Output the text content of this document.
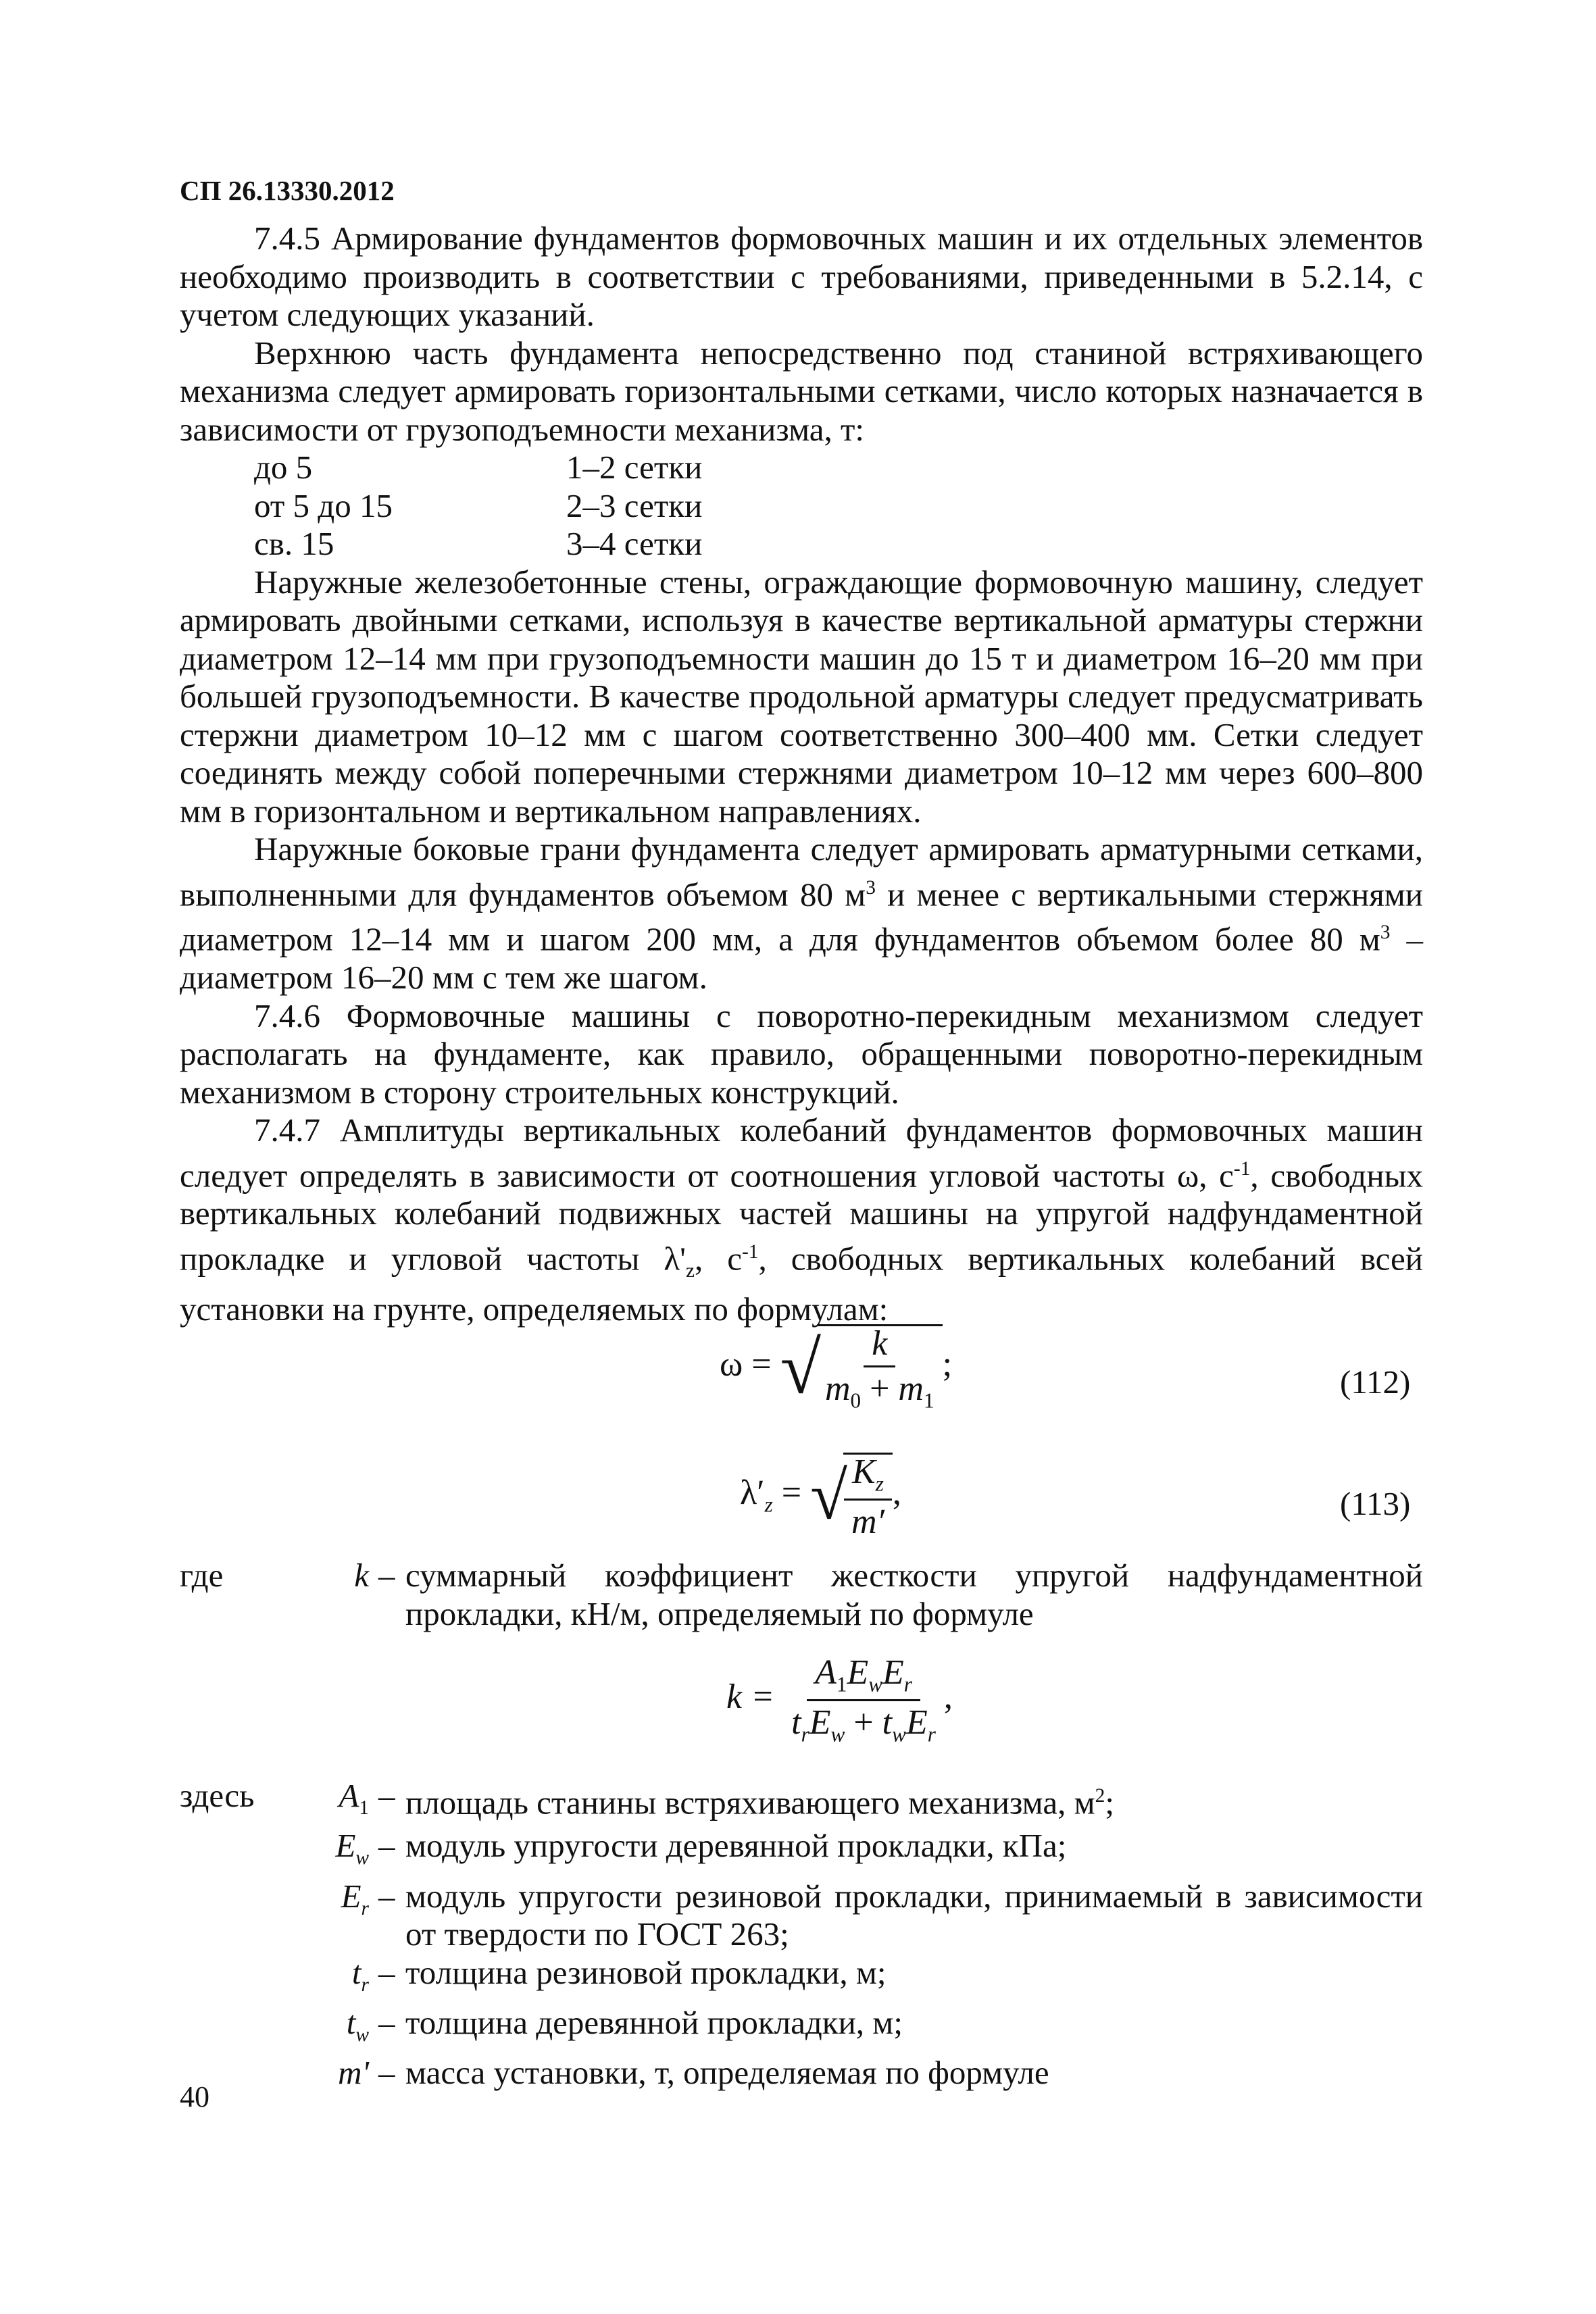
СП 26.13330.2012

7.4.5 Армирование фундаментов формовочных машин и их отдельных элементов необходимо производить в соответствии с требованиями, приведенными в 5.2.14, с учетом следующих указаний.

Верхнюю часть фундамента непосредственно под станиной встряхивающего механизма следует армировать горизонтальными сетками, число которых назначается в зависимости от грузоподъемности механизма, т:

до 5	1–2 сетки
от 5 до 15	2–3 сетки
св. 15	3–4 сетки

Наружные железобетонные стены, ограждающие формовочную машину, следует армировать двойными сетками, используя в качестве вертикальной арматуры стержни диаметром 12–14 мм при грузоподъемности машин до 15 т и диаметром 16–20 мм при большей грузоподъемности. В качестве продольной арматуры следует предусматривать стержни диаметром 10–12 мм с шагом соответственно 300–400 мм. Сетки следует соединять между собой поперечными стержнями диаметром 10–12 мм через 600–800 мм в горизонтальном и вертикальном направлениях.

Наружные боковые грани фундамента следует армировать арматурными сетками, выполненными для фундаментов объемом 80 $м^3$ и менее с вертикальными стержнями диаметром 12–14 мм и шагом 200 мм, а для фундаментов объемом более 80 $м^3$ – диаметром 16–20 мм с тем же шагом.

7.4.6 Формовочные машины с поворотно-перекидным механизмом следует располагать на фундаменте, как правило, обращенными поворотно-перекидным механизмом в сторону строительных конструкций.

7.4.7 Амплитуды вертикальных колебаний фундаментов формовочных машин следует определять в зависимости от соотношения угловой частоты ω, $с^{-1}$, свободных вертикальных колебаний подвижных частей машины на упругой надфундаментной прокладке и угловой частоты $\lambda'_z$, $с^{-1}$, свободных вертикальных колебаний всей установки на грунте, определяемых по формулам:

ω = √
$\frac{k}{m_0 + m_1}$ ;	(112)
$\lambda'_z$ = √
$\frac{K_z}{m'}$ ,	(113)
где	k – суммарный коэффициент жесткости упругой надфундаментной прокладки, кН/м, определяемый по формуле
$k = \frac{A_1E_wE_r}{t_rE_w + t_wE_r}$ ,
здесь	$A_1$ – площадь станины встряхивающего механизма, $м^2$;
$E_w$ – модуль упругости деревянной прокладки, кПа;
$E_r$ – модуль упругости резиновой прокладки, принимаемый в зависимости от твердости по ГОСТ 263;
$t_r$ – толщина резиновой прокладки, м;
$t_w$ – толщина деревянной прокладки, м;
m' – масса установки, т, определяемая по формуле
40
